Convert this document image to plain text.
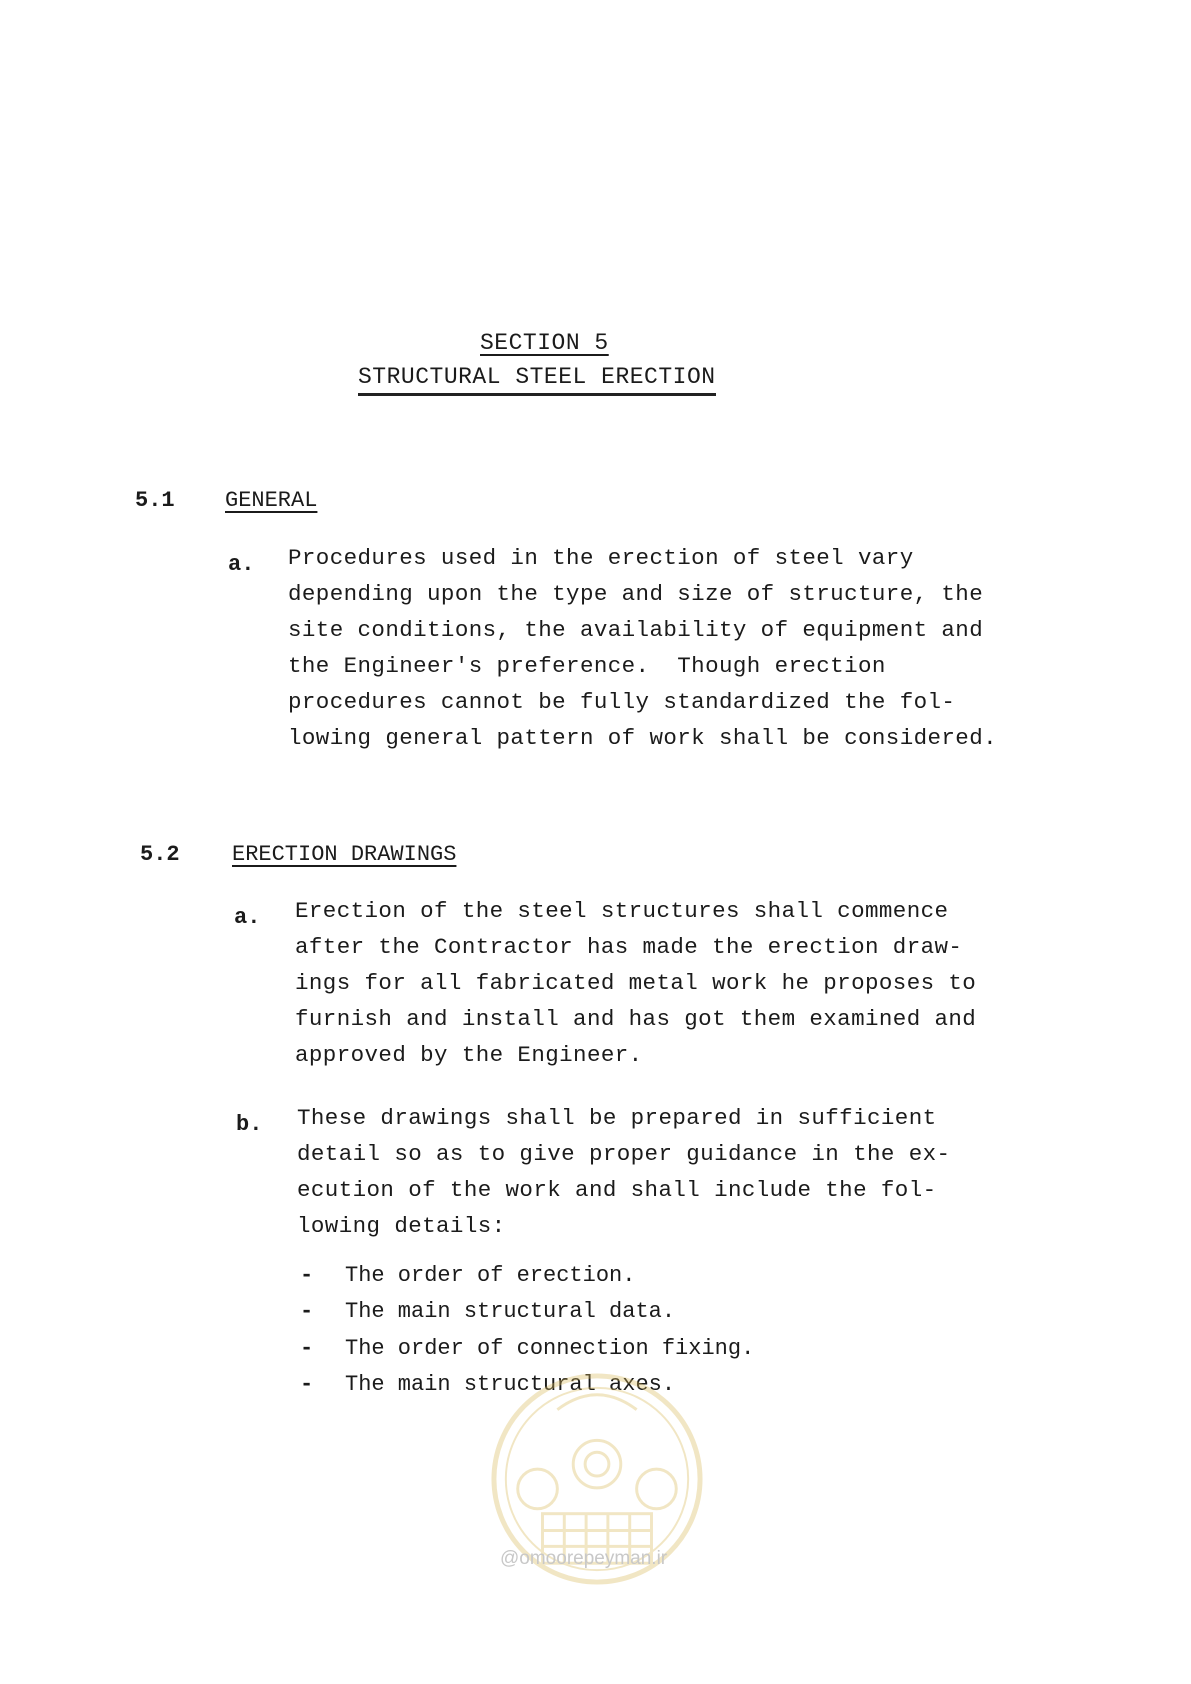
SECTION 5
STRUCTURAL STEEL ERECTION
5.1 GENERAL
a. Procedures used in the erection of steel vary
depending upon the type and size of structure, the
site conditions, the availability of equipment and
the Engineer's preference.  Though erection
procedures cannot be fully standardized the fol-
lowing general pattern of work shall be considered.

5.2 ERECTION DRAWINGS
a. Erection of the steel structures shall commence
after the Contractor has made the erection draw-
ings for all fabricated metal work he proposes to
furnish and install and has got them examined and
approved by the Engineer.

b. These drawings shall be prepared in sufficient
detail so as to give proper guidance in the ex-
ecution of the work and shall include the fol-
lowing details:

-	The order of erection.
-	The main structural data.
-	The order of connection fixing.
-	The main structural axes.
@omoorepeyman.ir
